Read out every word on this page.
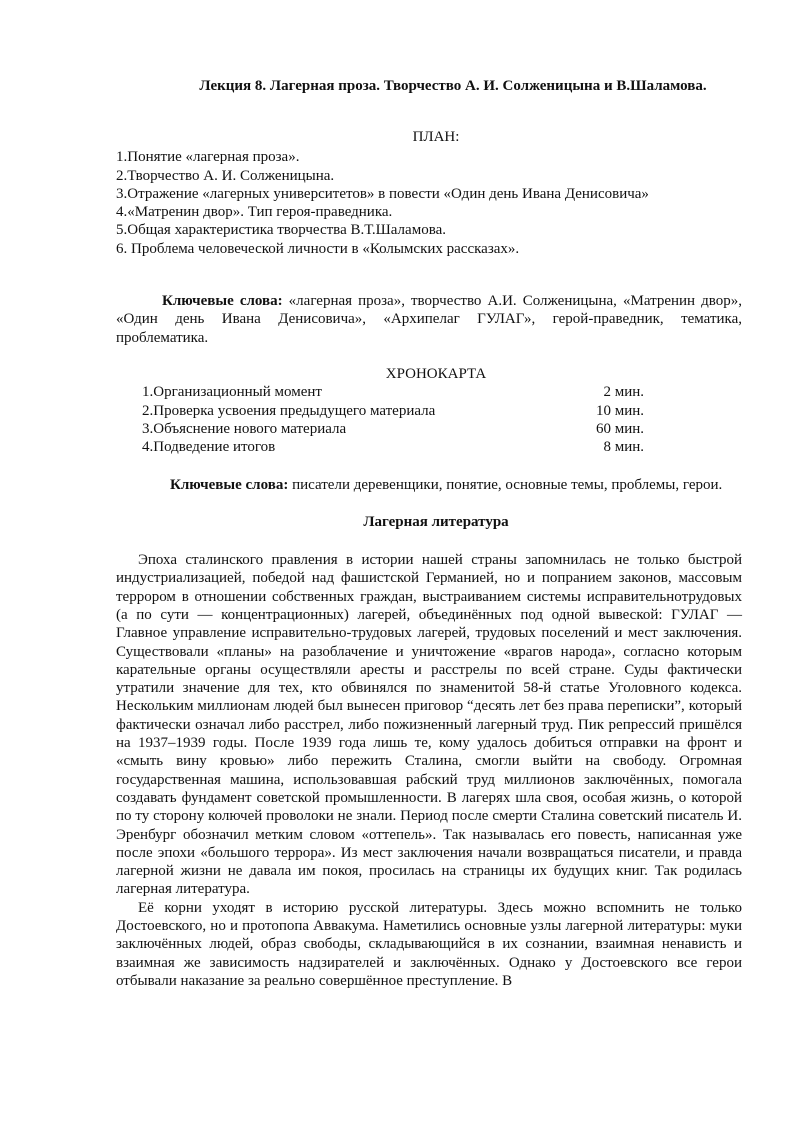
Лекция 8. Лагерная проза. Творчество А. И. Солженицына и В.Шаламова.
ПЛАН:
1.Понятие «лагерная проза».
2.Творчество А. И. Солженицына.
3.Отражение «лагерных университетов» в повести «Один день Ивана Денисовича»
4.«Матренин двор». Тип героя-праведника.
5.Общая характеристика творчества В.Т.Шаламова.
6. Проблема человеческой личности в «Колымских рассказах».

Ключевые слова: «лагерная проза», творчество А.И. Солженицына, «Матренин двор», «Один день Ивана Денисовича», «Архипелаг ГУЛАГ», герой-праведник, тематика, проблематика.

ХРОНОКАРТА
1.Организационный момент	2 мин.
2.Проверка усвоения предыдущего материала	10 мин.
3.Объяснение нового материала	60 мин.
4.Подведение итогов	8 мин.

Ключевые слова: писатели деревенщики, понятие, основные темы, проблемы, герои.

Лагерная литература

Эпоха сталинского правления в истории нашей страны запомнилась не только быстрой индустриализацией, победой над фашистской Германией, но и попранием законов, массовым террором в отношении собственных граждан, выстраиванием системы исправительнотрудовых (а по сути — концентрационных) лагерей, объединённых под одной вывеской: ГУЛАГ — Главное управление исправительно-трудовых лагерей, трудовых поселений и мест заключения. Существовали «планы» на разоблачение и уничтожение «врагов народа», согласно которым карательные органы осуществляли аресты и расстрелы по всей стране. Суды фактически утратили значение для тех, кто обвинялся по знаменитой 58-й статье Уголовного кодекса. Нескольким миллионам людей был вынесен приговор “десять лет без права переписки”, который фактически означал либо расстрел, либо пожизненный лагерный труд. Пик репрессий пришёлся на 1937–1939 годы. После 1939 года лишь те, кому удалось добиться отправки на фронт и «смыть вину кровью» либо пережить Сталина, смогли выйти на свободу. Огромная государственная машина, использовавшая рабский труд миллионов заключённых, помогала создавать фундамент советской промышленности. В лагерях шла своя, особая жизнь, о которой по ту сторону колючей проволоки не знали. Период после смерти Сталина советский писатель И. Эренбург обозначил метким словом «оттепель». Так называлась его повесть, написанная уже после эпохи «большого террора». Из мест заключения начали возвращаться писатели, и правда лагерной жизни не давала им покоя, просилась на страницы их будущих книг. Так родилась лагерная литература.

Её корни уходят в историю русской литературы. Здесь можно вспомнить не только Достоевского, но и протопопа Аввакума. Наметились основные узлы лагерной литературы: муки заключённых людей, образ свободы, складывающийся в их сознании, взаимная ненависть и взаимная же зависимость надзирателей и заключённых. Однако у Достоевского все герои отбывали наказание за реально совершённое преступление. В
